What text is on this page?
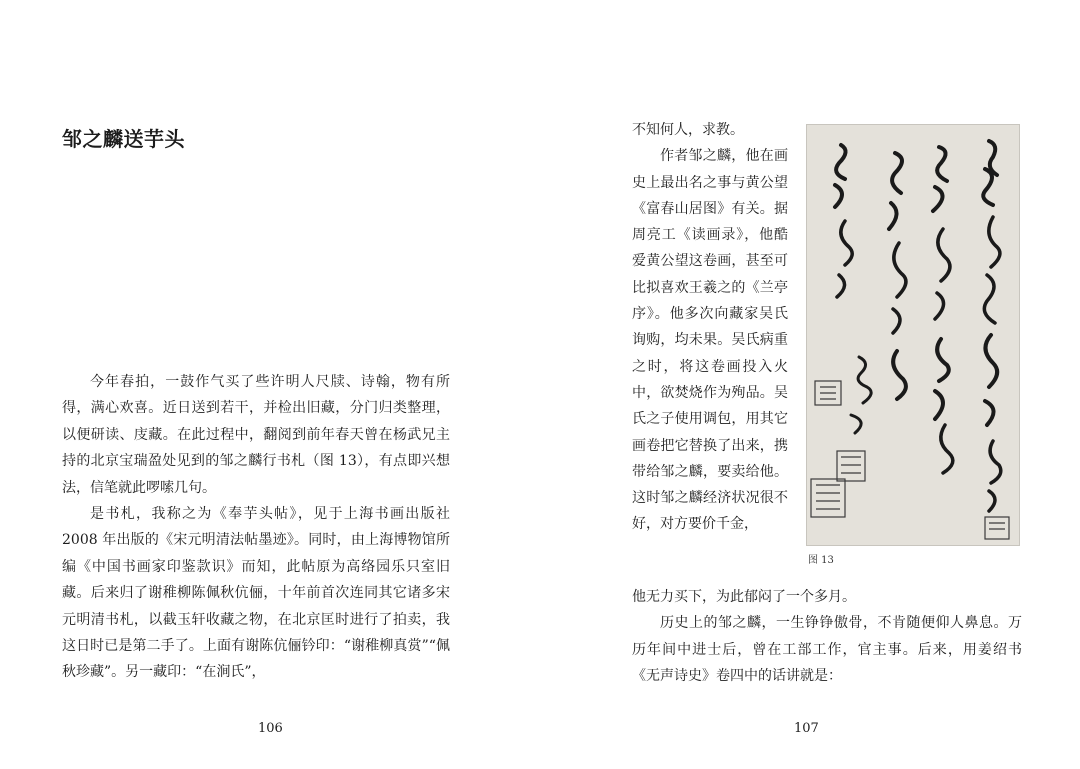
邹之麟送芋头

今年春拍，一鼓作气买了些许明人尺牍、诗翰，物有所得，满心欢喜。近日送到若干，并检出旧藏，分门归类整理，以便研读、庋藏。在此过程中，翻阅到前年春天曾在杨武兄主持的北京宝瑞盈处见到的邹之麟行书札（图 13），有点即兴想法，信笔就此啰嗦几句。

是书札，我称之为《奉芋头帖》，见于上海书画出版社 2008 年出版的《宋元明清法帖墨迹》。同时，由上海博物馆所编《中国书画家印鉴款识》而知，此帖原为高络园乐只室旧藏。后来归了谢稚柳陈佩秋伉俪，十年前首次连同其它诸多宋元明清书札，以截玉轩收藏之物，在北京匡时进行了拍卖，我这日时已是第二手了。上面有谢陈伉俪钤印：“谢稚柳真赏”“佩秋珍藏”。另一藏印：“在涧氏”，

106

不知何人，求教。

作者邹之麟，他在画史上最出名之事与黄公望《富春山居图》有关。据周亮工《读画录》，他酷爱黄公望这卷画，甚至可比拟喜欢王羲之的《兰亭序》。他多次向藏家吴氏询购，均未果。吴氏病重之时，将这卷画投入火中，欲焚烧作为殉品。吴氏之子使用调包，用其它画卷把它替换了出来，携带给邹之麟，要卖给他。这时邹之麟经济状况很不好，对方要价千金，

图 13

他无力买下，为此郁闷了一个多月。

历史上的邹之麟，一生铮铮傲骨，不肯随便仰人鼻息。万历年间中进士后，曾在工部工作，官主事。后来，用姜绍书《无声诗史》卷四中的话讲就是：

107
